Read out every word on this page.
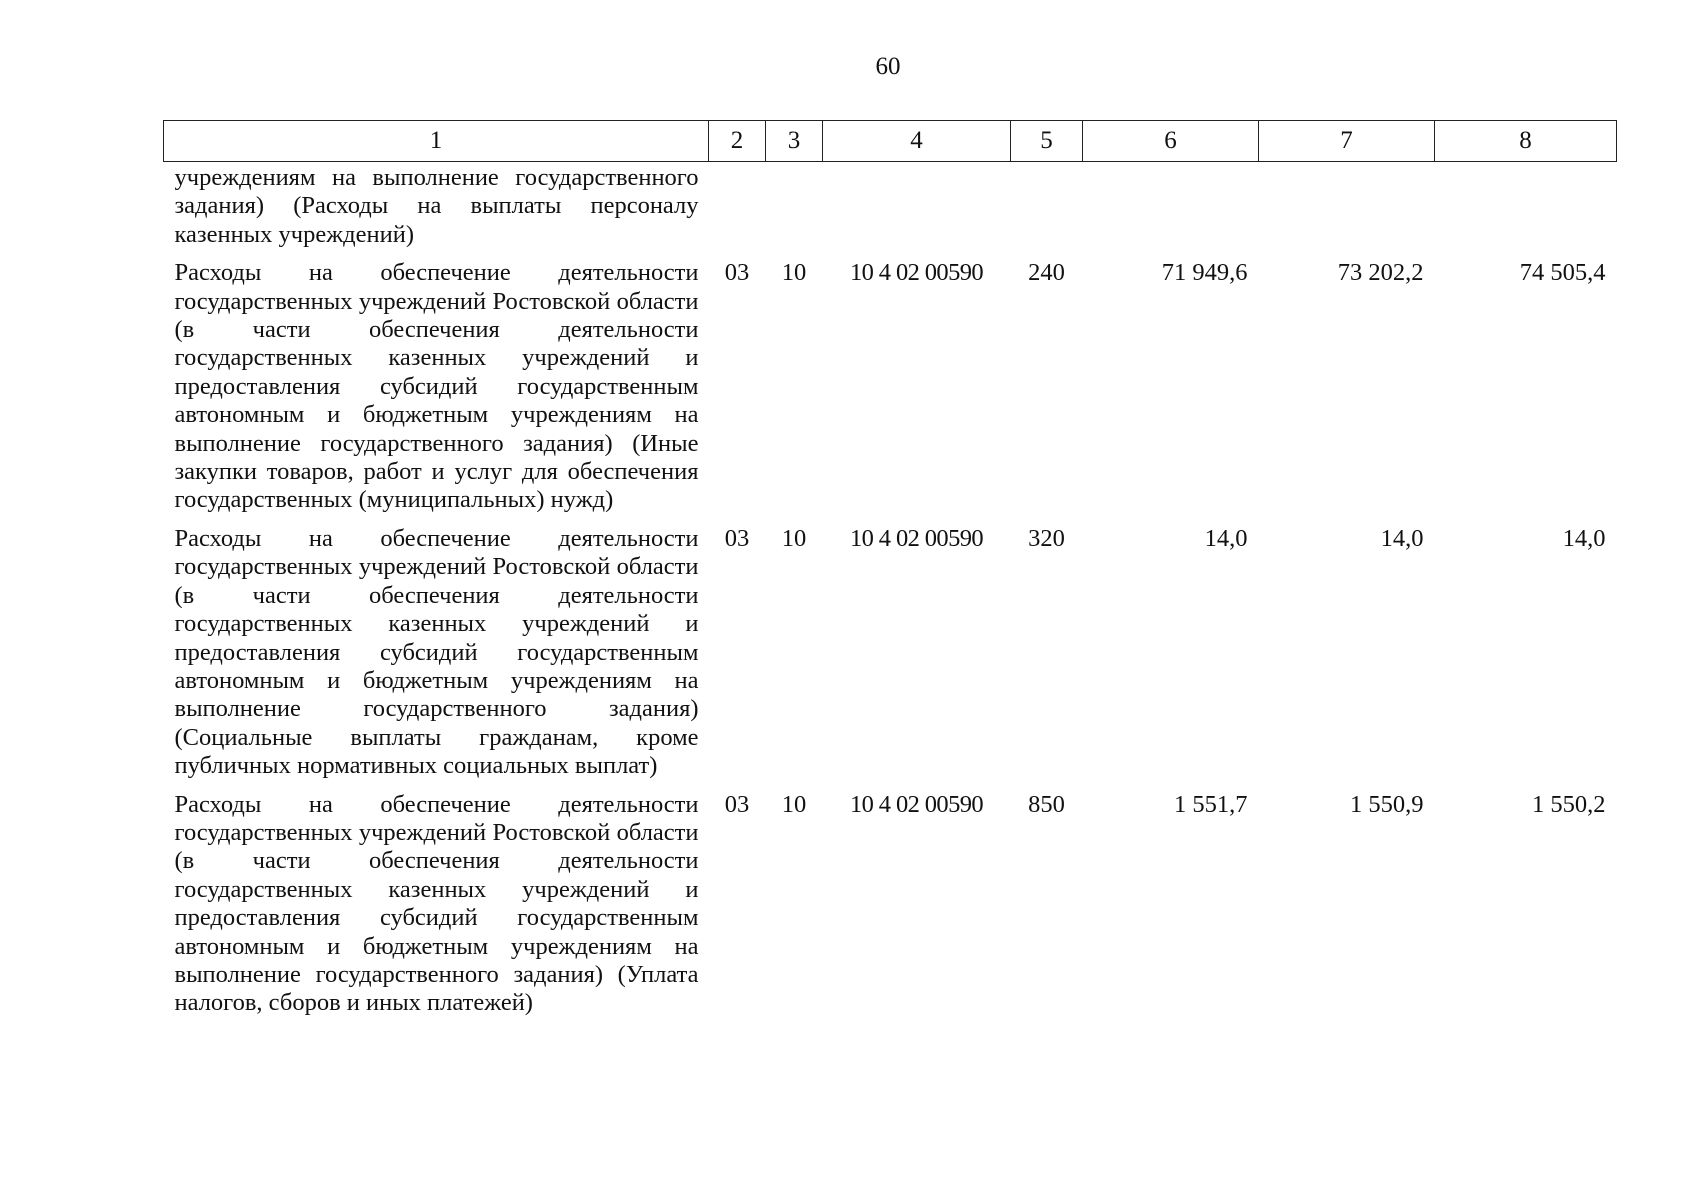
60
1	2	3	4	5	6	7	8
учреждениям на выполнение государственного задания) (Расходы на выплаты персоналу казенных учреждений)							
Расходы на обеспечение деятельности государственных учреждений Ростовской области (в части обеспечения деятельности государственных казенных учреждений и предоставления субсидий государственным автономным и бюджетным учреждениям на выполнение государственного задания) (Иные закупки товаров, работ и услуг для обеспечения государственных (муниципальных) нужд)	03	10	10 4 02 00590	240	71 949,6	73 202,2	74 505,4
Расходы на обеспечение деятельности государственных учреждений Ростовской области (в части обеспечения деятельности государственных казенных учреждений и предоставления субсидий государственным автономным и бюджетным учреждениям на выполнение государственного задания) (Социальные выплаты гражданам, кроме публичных нормативных социальных выплат)	03	10	10 4 02 00590	320	14,0	14,0	14,0
Расходы на обеспечение деятельности государственных учреждений Ростовской области (в части обеспечения деятельности государственных казенных учреждений и предоставления субсидий государственным автономным и бюджетным учреждениям на выполнение государственного задания) (Уплата налогов, сборов и иных платежей)	03	10	10 4 02 00590	850	1 551,7	1 550,9	1 550,2
